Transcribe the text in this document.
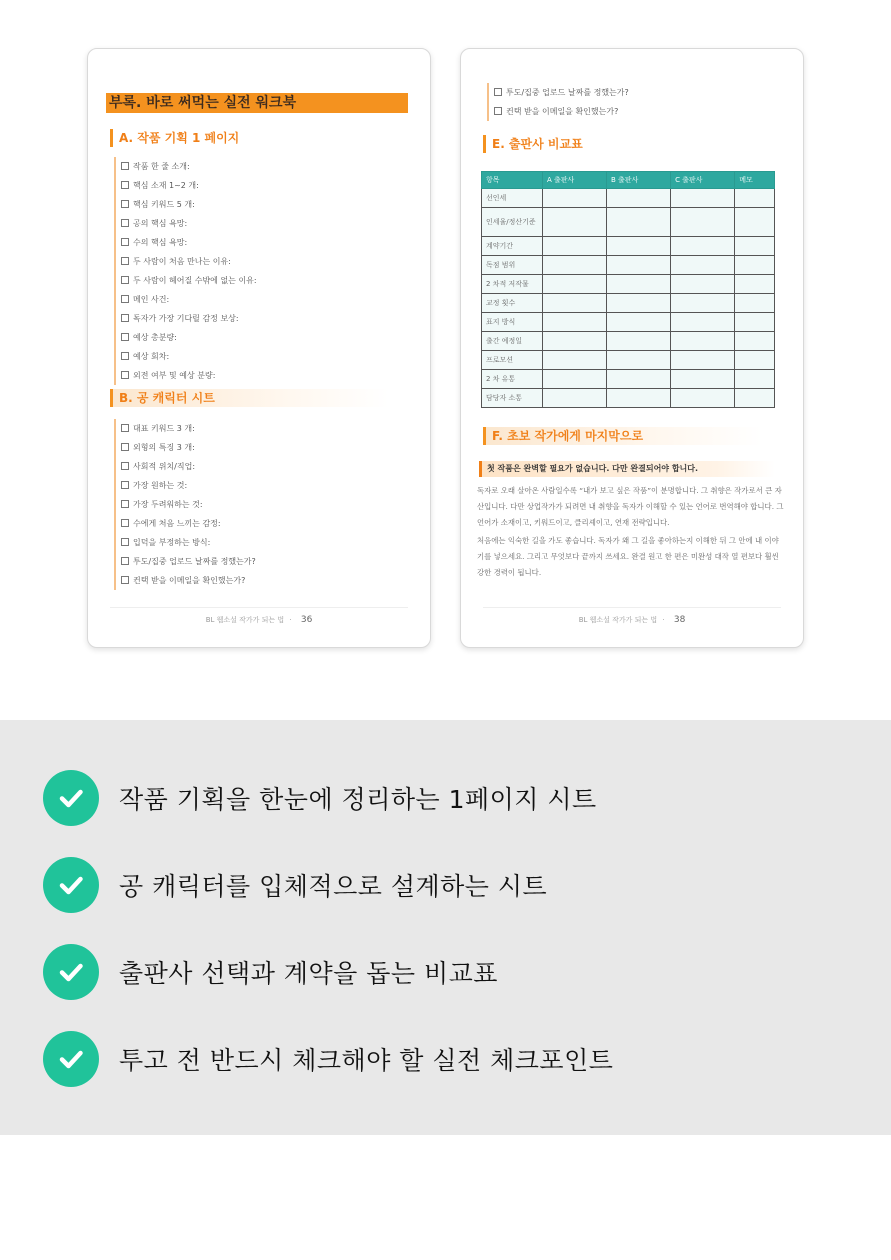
부록. 바로 써먹는 실전 워크북
A. 작품 기획 1 페이지
작품 한 줄 소개:
핵심 소재 1~2 개:
핵심 키워드 5 개:
공의 핵심 욕망:
수의 핵심 욕망:
두 사람이 처음 만나는 이유:
두 사람이 헤어질 수밖에 없는 이유:
메인 사건:
독자가 가장 기다릴 감정 보상:
예상 총분량:
예상 회차:
외전 여부 및 예상 분량:
B. 공 캐릭터 시트
대표 키워드 3 개:
외형의 특징 3 개:
사회적 위치/직업:
가장 원하는 것:
가장 두려워하는 것:
수에게 처음 느끼는 감정:
입덕을 부정하는 방식:
투도/집중 업로드 날짜를 정했는가?
컨택 받을 이메일을 확인했는가?
BL 웹소설 작가가 되는 법 · 36
투도/집중 업로드 날짜를 정했는가?
컨택 받을 이메일을 확인했는가?
E. 출판사 비교표
항목	A 출판사	B 출판사	C 출판사	메모
선인세				
인세율/정산기준				
계약기간				
독점 범위				
2 차적 저작물				
교정 횟수				
표지 방식				
출간 예정일				
프로모션				
2 차 유통				
담당자 소통				
F. 초보 작가에게 마지막으로
첫 작품은 완벽할 필요가 없습니다. 다만 완결되어야 합니다.

독자로 오래 살아온 사람일수록 “내가 보고 싶은 작품”이 분명합니다. 그 취향은 작가로서 큰 자산입니다. 다만 상업작가가 되려면 내 취향을 독자가 이해할 수 있는 언어로 번역해야 합니다. 그 언어가 소재이고, 키워드이고, 클리셰이고, 연재 전략입니다.

처음에는 익숙한 길을 가도 좋습니다. 독자가 왜 그 길을 좋아하는지 이해한 뒤 그 안에 내 이야기를 넣으세요. 그리고 무엇보다 끝까지 쓰세요. 완결 원고 한 편은 미완성 대작 열 편보다 훨씬 강한 경력이 됩니다.

BL 웹소설 작가가 되는 법 · 38
작품 기획을 한눈에 정리하는 1페이지 시트
공 캐릭터를 입체적으로 설계하는 시트
출판사 선택과 계약을 돕는 비교표
투고 전 반드시 체크해야 할 실전 체크포인트
